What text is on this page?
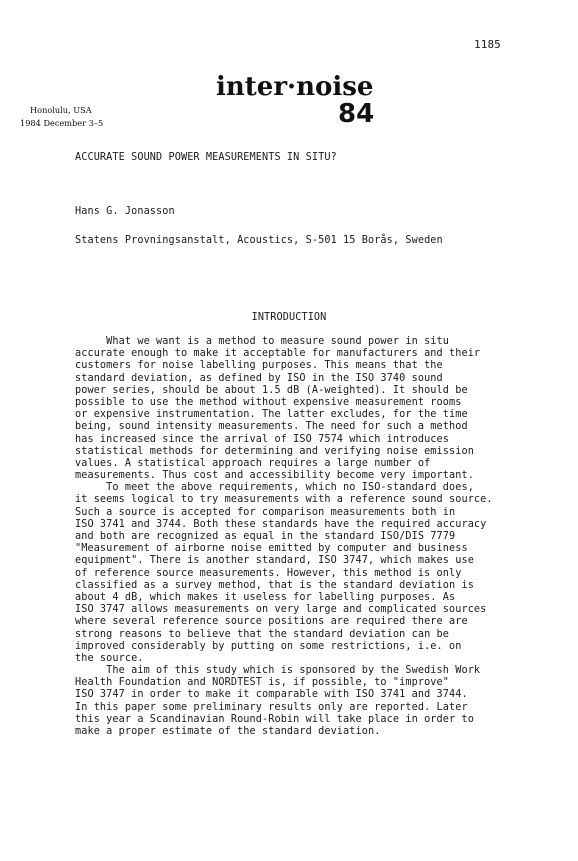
1185
inter·noise
84
Honolulu, USA
1984 December 3–5
ACCURATE SOUND POWER MEASUREMENTS IN SITU?
Hans G. Jonasson
Statens Provningsanstalt, Acoustics, S-501 15 Borås, Sweden
INTRODUCTION
What we want is a method to measure sound power in situ
accurate enough to make it acceptable for manufacturers and their
customers for noise labelling purposes. This means that the
standard deviation, as defined by ISO in the ISO 3740 sound
power series, should be about 1.5 dB (A-weighted). It should be
possible to use the method without expensive measurement rooms
or expensive instrumentation. The latter excludes, for the time
being, sound intensity measurements. The need for such a method
has increased since the arrival of ISO 7574 which introduces
statistical methods for determining and verifying noise emission
values. A statistical approach requires a large number of
measurements. Thus cost and accessibility become very important.
To meet the above requirements, which no ISO-standard does,
it seems logical to try measurements with a reference sound source.
Such a source is accepted for comparison measurements both in
ISO 3741 and 3744. Both these standards have the required accuracy
and both are recognized as equal in the standard ISO/DIS 7779
"Measurement of airborne noise emitted by computer and business
equipment". There is another standard, ISO 3747, which makes use
of reference source measurements. However, this method is only
classified as a survey method, that is the standard deviation is
about 4 dB, which makes it useless for labelling purposes. As
ISO 3747 allows measurements on very large and complicated sources
where several reference source positions are required there are
strong reasons to believe that the standard deviation can be
improved considerably by putting on some restrictions, i.e. on
the source.
The aim of this study which is sponsored by the Swedish Work
Health Foundation and NORDTEST is, if possible, to "improve"
ISO 3747 in order to make it comparable with ISO 3741 and 3744.
In this paper some preliminary results only are reported. Later
this year a Scandinavian Round-Robin will take place in order to
make a proper estimate of the standard deviation.
